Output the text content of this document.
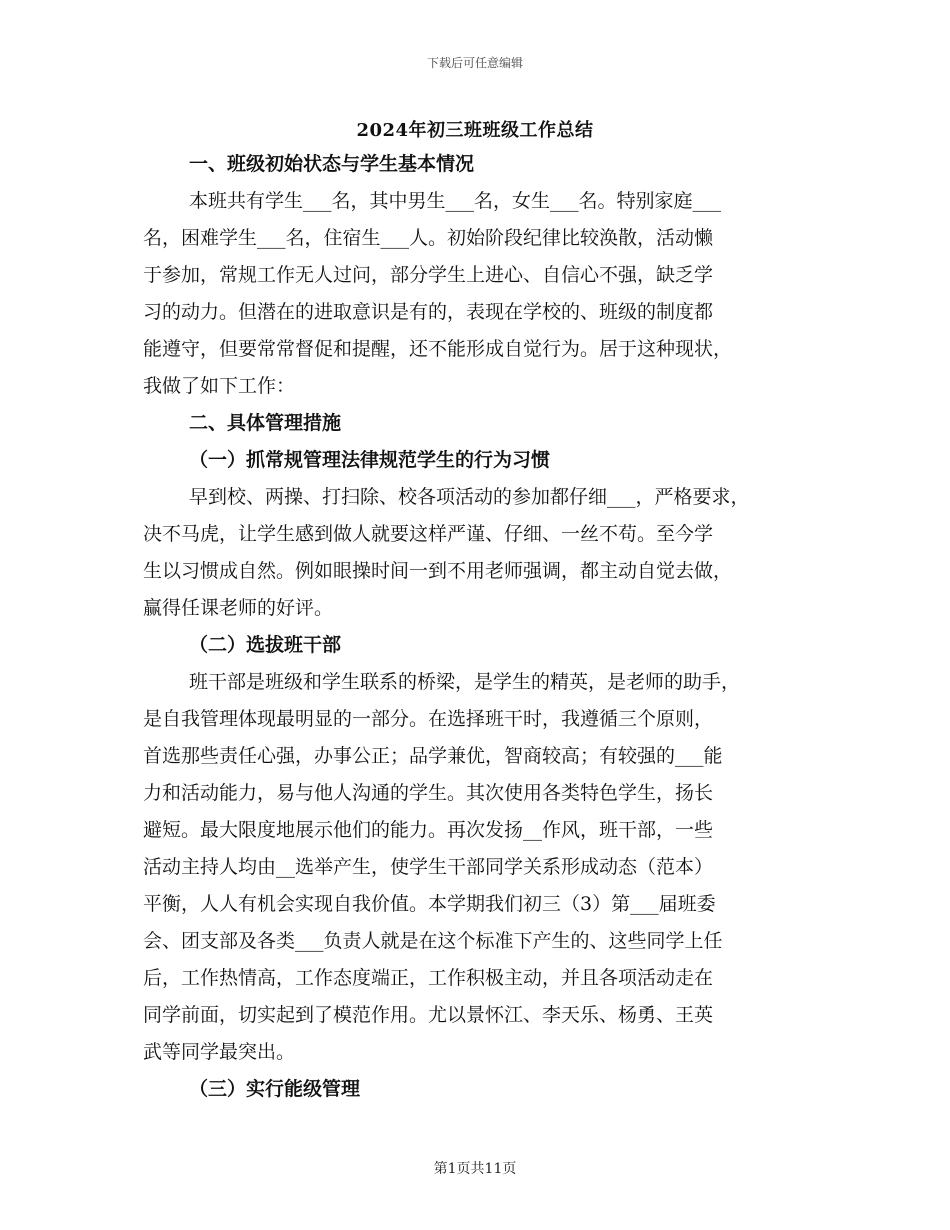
下载后可任意编辑
2024年初三班班级工作总结
一、班级初始状态与学生基本情况
本班共有学生___名，其中男生___名，女生___名。特别家庭___
名，困难学生___名，住宿生___人。初始阶段纪律比较涣散，活动懒
于参加，常规工作无人过问，部分学生上进心、自信心不强，缺乏学
习的动力。但潜在的进取意识是有的，表现在学校的、班级的制度都
能遵守，但要常常督促和提醒，还不能形成自觉行为。居于这种现状，
我做了如下工作：
二、具体管理措施
（一）抓常规管理法律规范学生的行为习惯
早到校、两操、打扫除、校各项活动的参加都仔细___，严格要求，
决不马虎，让学生感到做人就要这样严谨、仔细、一丝不苟。至今学
生以习惯成自然。例如眼操时间一到不用老师强调，都主动自觉去做，
赢得任课老师的好评。
（二）选拔班干部
班干部是班级和学生联系的桥梁，是学生的精英，是老师的助手，
是自我管理体现最明显的一部分。在选择班干时，我遵循三个原则，
首选那些责任心强，办事公正；品学兼优，智商较高；有较强的___能
力和活动能力，易与他人沟通的学生。其次使用各类特色学生，扬长
避短。最大限度地展示他们的能力。再次发扬__作风，班干部，一些
活动主持人均由__选举产生，使学生干部同学关系形成动态（范本）
平衡，人人有机会实现自我价值。本学期我们初三（3）第___届班委
会、团支部及各类___负责人就是在这个标准下产生的、这些同学上任
后，工作热情高，工作态度端正，工作积极主动，并且各项活动走在
同学前面，切实起到了模范作用。尤以景怀江、李天乐、杨勇、王英
武等同学最突出。
（三）实行能级管理
第1页共11页
